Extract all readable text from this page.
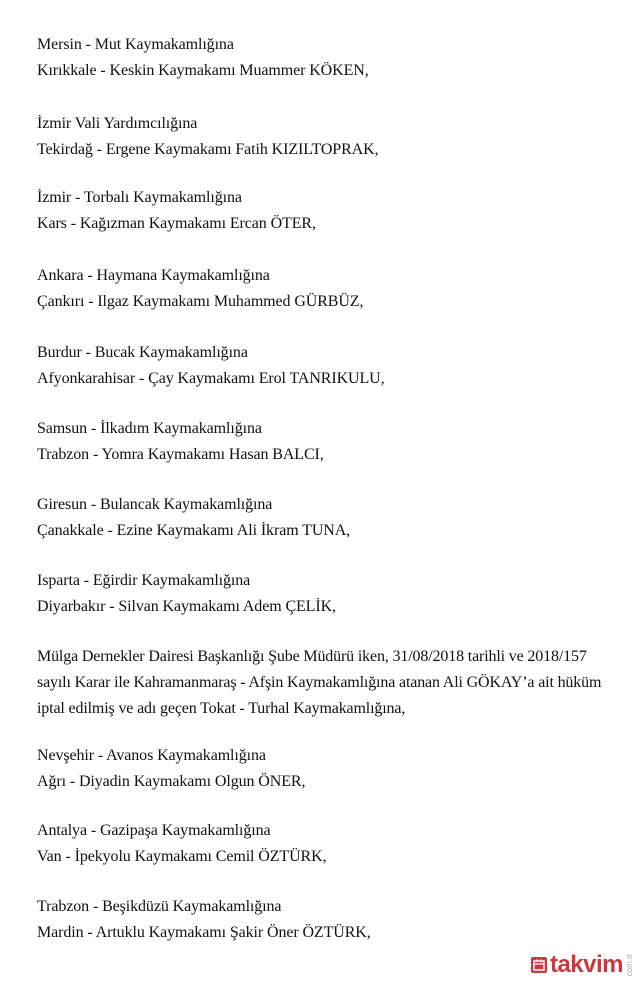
Mersin - Mut Kaymakamlığına
Kırıkkale - Keskin Kaymakamı Muammer KÖKEN,
İzmir Vali Yardımcılığına
Tekirdağ - Ergene Kaymakamı Fatih KIZILTOPRAK,
İzmir - Torbalı Kaymakamlığına
Kars - Kağızman Kaymakamı Ercan ÖTER,
Ankara - Haymana Kaymakamlığına
Çankırı - Ilgaz Kaymakamı Muhammed GÜRBÜZ,
Burdur - Bucak Kaymakamlığına
Afyonkarahisar - Çay Kaymakamı Erol TANRIKULU,
Samsun - İlkadım Kaymakamlığına
Trabzon - Yomra Kaymakamı Hasan BALCI,
Giresun - Bulancak Kaymakamlığına
Çanakkale - Ezine Kaymakamı Ali İkram TUNA,
Isparta - Eğirdir Kaymakamlığına
Diyarbakır - Silvan Kaymakamı Adem ÇELİK,
Mülga Dernekler Dairesi Başkanlığı Şube Müdürü iken, 31/08/2018 tarihli ve 2018/157
sayılı Karar ile Kahramanmaraş - Afşin Kaymakamlığına atanan Ali GÖKAY’a ait hüküm
iptal edilmiş ve adı geçen Tokat - Turhal Kaymakamlığına,
Nevşehir - Avanos Kaymakamlığına
Ağrı - Diyadin Kaymakamı Olgun ÖNER,
Antalya - Gazipaşa Kaymakamlığına
Van - İpekyolu Kaymakamı Cemil ÖZTÜRK,
Trabzon - Beşikdüzü Kaymakamlığına
Mardin - Artuklu Kaymakamı Şakir Öner ÖZTÜRK,
takvim com.tr
